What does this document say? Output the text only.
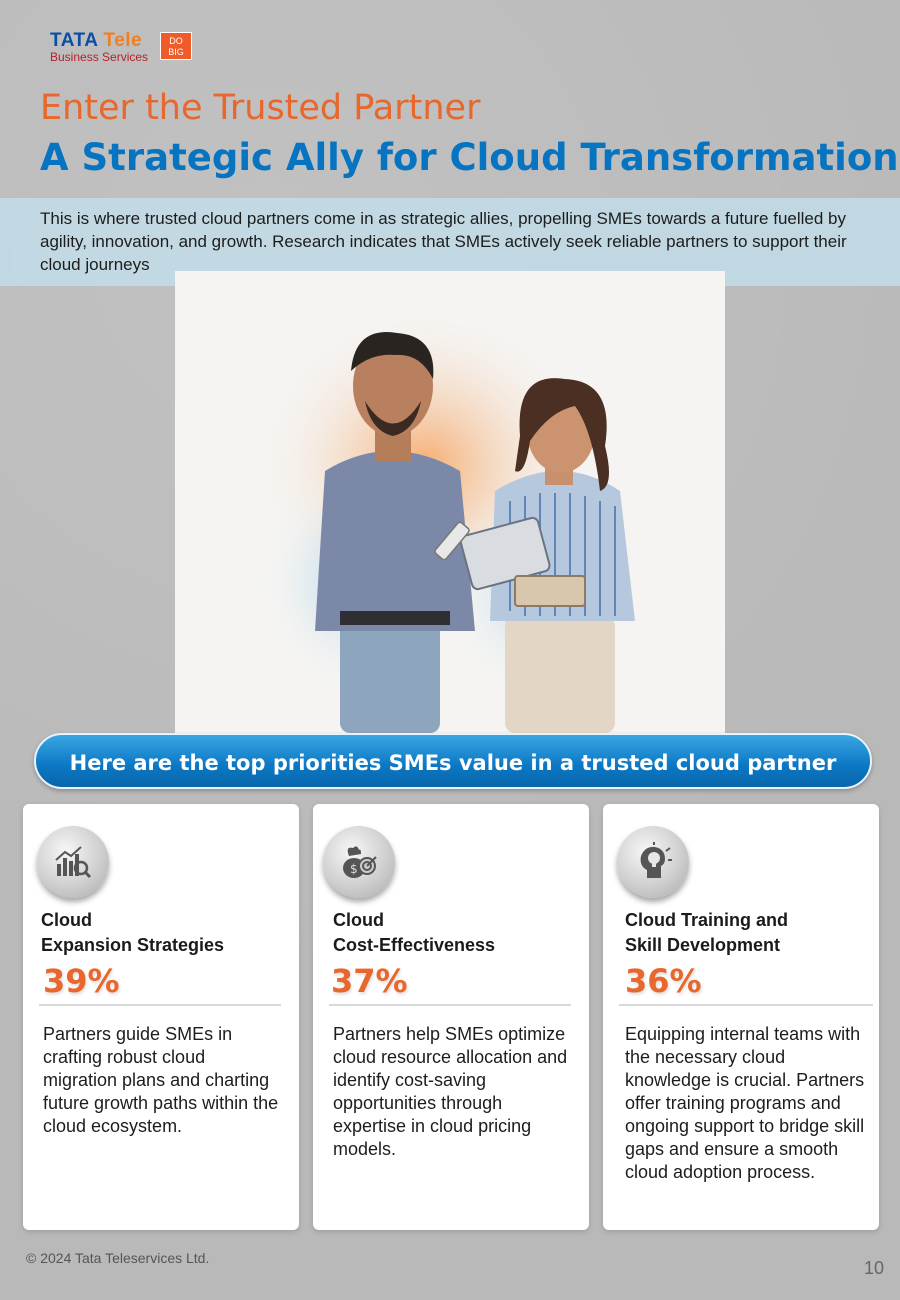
TATA Tele
Business Services
DO BIG
Enter the Trusted Partner
A Strategic Ally for Cloud Transformation
This is where trusted cloud partners come in as strategic allies, propelling SMEs towards a future fuelled by agility, innovation, and growth. Research indicates that SMEs actively seek reliable partners to support their cloud journeys
Here are the top priorities SMEs value in a trusted cloud partner
Cloud
Expansion Strategies
39%
Partners guide SMEs in crafting robust cloud migration plans and charting future growth paths within the cloud ecosystem.
$
Cloud
Cost-Effectiveness
37%
Partners help SMEs optimize cloud resource allocation and identify cost-saving opportunities through expertise in cloud pricing models.
Cloud Training and
Skill Development
36%
Equipping internal teams with the necessary cloud knowledge is crucial. Partners offer training programs and ongoing support to bridge skill gaps and ensure a smooth cloud adoption process.
© 2024 Tata Teleservices Ltd.	10
